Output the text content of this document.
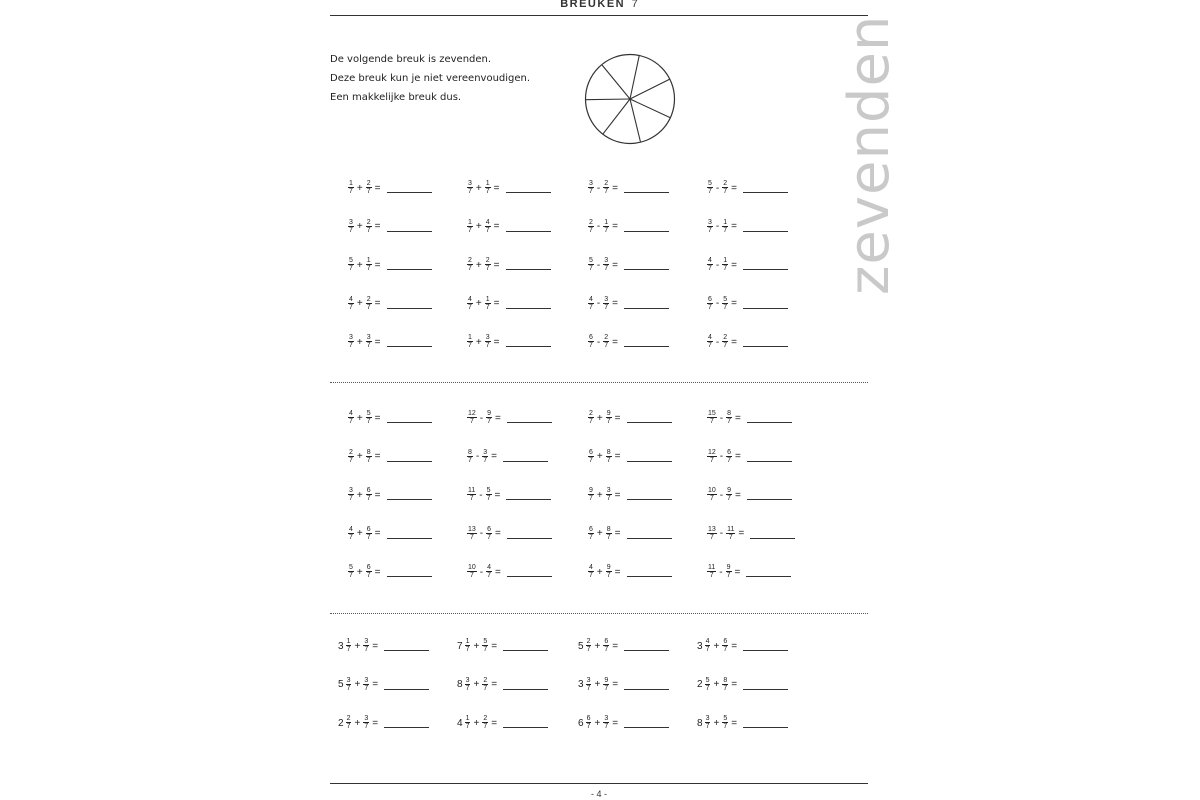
BREUKEN 7
De volgende breuk is zevenden.
Deze breuk kun je niet vereenvoudigen.
Een makkelijke breuk dus.	zevenden
$\frac{1}{7} + \frac{2}{7}$ =	$\frac{3}{7} + \frac{1}{7}$ =	$\frac{3}{7} - \frac{2}{7}$ =	$\frac{5}{7} - \frac{2}{7}$ =
$\frac{3}{7} + \frac{2}{7}$ =	$\frac{1}{7} + \frac{4}{7}$ =	$\frac{2}{7} - \frac{1}{7}$ =	$\frac{3}{7} - \frac{1}{7}$ =
$\frac{5}{7} + \frac{1}{7}$ =	$\frac{2}{7} + \frac{2}{7}$ =	$\frac{5}{7} - \frac{3}{7}$ =	$\frac{4}{7} - \frac{1}{7}$ =
$\frac{4}{7} + \frac{2}{7}$ =	$\frac{4}{7} + \frac{1}{7}$ =	$\frac{4}{7} - \frac{3}{7}$ =	$\frac{6}{7} - \frac{5}{7}$ =
$\frac{3}{7} + \frac{3}{7}$ =	$\frac{1}{7} + \frac{3}{7}$ =	$\frac{6}{7} - \frac{2}{7}$ =	$\frac{4}{7} - \frac{2}{7}$ =
$\frac{4}{7} + \frac{5}{7}$ =	$\frac{12}{7} - \frac{9}{7}$ =	$\frac{2}{7} + \frac{9}{7}$ =	$\frac{15}{7} - \frac{8}{7}$ =
$\frac{2}{7} + \frac{8}{7}$ =	$\frac{8}{7} - \frac{3}{7}$ =	$\frac{6}{7} + \frac{8}{7}$ =	$\frac{12}{7} - \frac{6}{7}$ =
$\frac{3}{7} + \frac{6}{7}$ =	$\frac{11}{7} - \frac{5}{7}$ =	$\frac{9}{7} + \frac{3}{7}$ =	$\frac{10}{7} - \frac{9}{7}$ =
$\frac{4}{7} + \frac{6}{7}$ =	$\frac{13}{7} - \frac{6}{7}$ =	$\frac{6}{7} + \frac{8}{7}$ =	$\frac{13}{7} - \frac{11}{7}$ =
$\frac{5}{7} + \frac{6}{7}$ =	$\frac{10}{7} - \frac{4}{7}$ =	$\frac{4}{7} + \frac{9}{7}$ =	$\frac{11}{7} - \frac{9}{7}$ =
$3 \frac{1}{7} + \frac{3}{7}$ =	$7 \frac{1}{7} + \frac{5}{7}$ =	$5 \frac{2}{7} + \frac{6}{7}$ =	$3 \frac{4}{7} + \frac{6}{7}$ =
$5 \frac{3}{7} + \frac{3}{7}$ =	$8 \frac{3}{7} + \frac{2}{7}$ =	$3 \frac{3}{7} + \frac{9}{7}$ =	$2 \frac{5}{7} + \frac{8}{7}$ =
$2 \frac{2}{7} + \frac{3}{7}$ =	$4 \frac{1}{7} + \frac{2}{7}$ =	$6 \frac{6}{7} + \frac{3}{7}$ =	$8 \frac{3}{7} + \frac{5}{7}$ =
- 4 -
